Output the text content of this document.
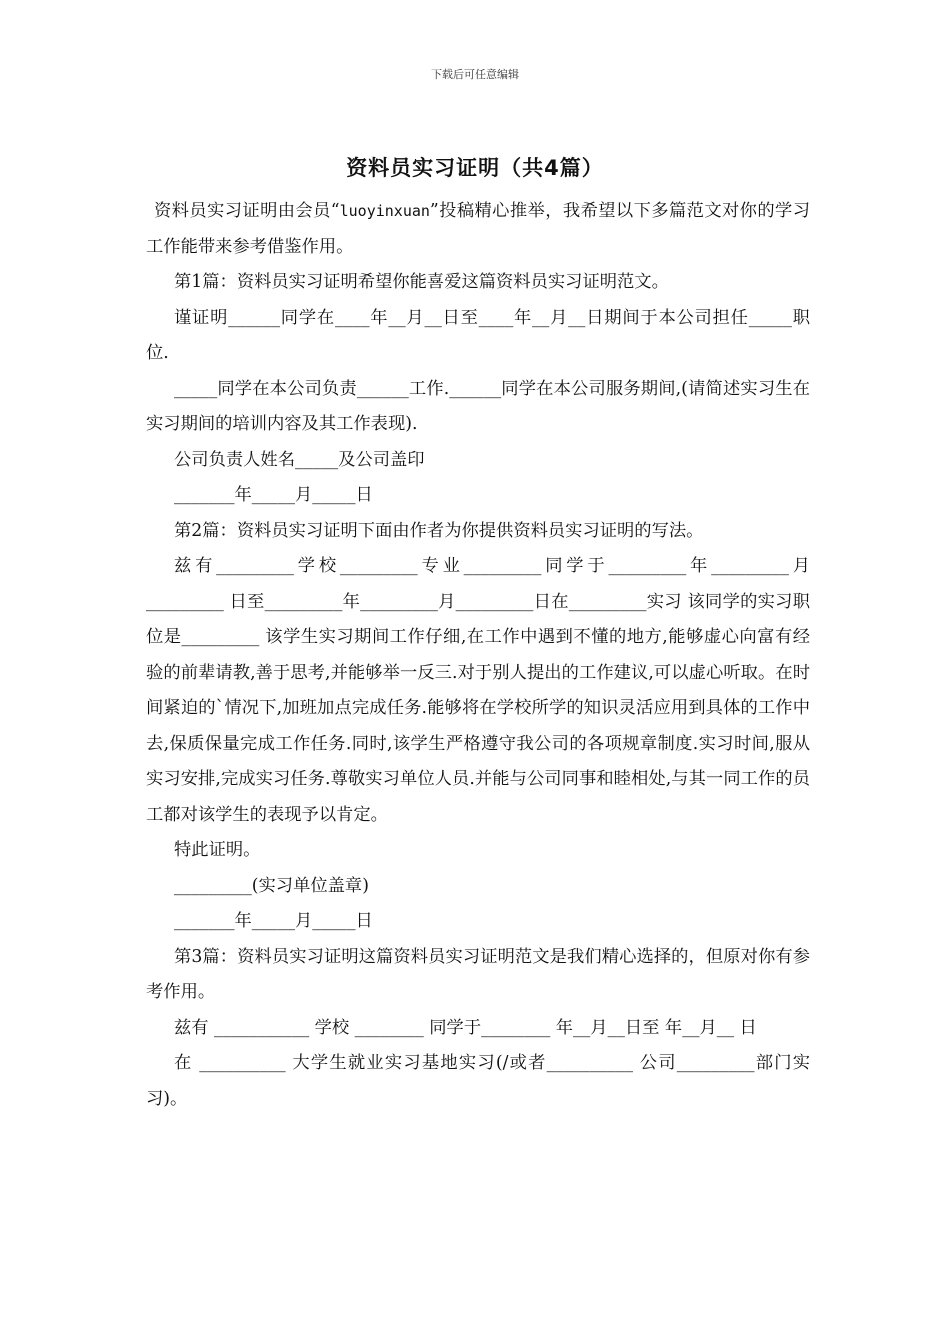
下载后可任意编辑
资料员实习证明（共4篇）

资料员实习证明由会员“luoyinxuan”投稿精心推举，我希望以下多篇范文对你的学习工作能带来参考借鉴作用。

第1篇：资料员实习证明希望你能喜爱这篇资料员实习证明范文。

谨证明______同学在____年__月__日至____年__月__日期间于本公司担任_____职位.

_____同学在本公司负责______工作.______同学在本公司服务期间,(请简述实习生在实习期间的培训内容及其工作表现).

公司负责人姓名_____及公司盖印

_______年_____月_____日

第2篇：资料员实习证明下面由作者为你提供资料员实习证明的写法。

兹有_________学校_________专业_________同学于_________年_________月_________ 日至_________年_________月_________日在_________实习 该同学的实习职位是_________ 该学生实习期间工作仔细,在工作中遇到不懂的地方,能够虚心向富有经验的前辈请教,善于思考,并能够举一反三.对于别人提出的工作建议,可以虚心听取。在时间紧迫的`情况下,加班加点完成任务.能够将在学校所学的知识灵活应用到具体的工作中去,保质保量完成工作任务.同时,该学生严格遵守我公司的各项规章制度.实习时间,服从实习安排,完成实习任务.尊敬实习单位人员.并能与公司同事和睦相处,与其一同工作的员工都对该学生的表现予以肯定。

特此证明。

_________(实习单位盖章)

_______年_____月_____日

第3篇：资料员实习证明这篇资料员实习证明范文是我们精心选择的，但原对你有参考作用。

兹有 ___________ 学校 ________ 同学于________ 年__月__日至 年__月__ 日

在 __________ 大学生就业实习基地实习(/或者__________ 公司_________部门实习)。
